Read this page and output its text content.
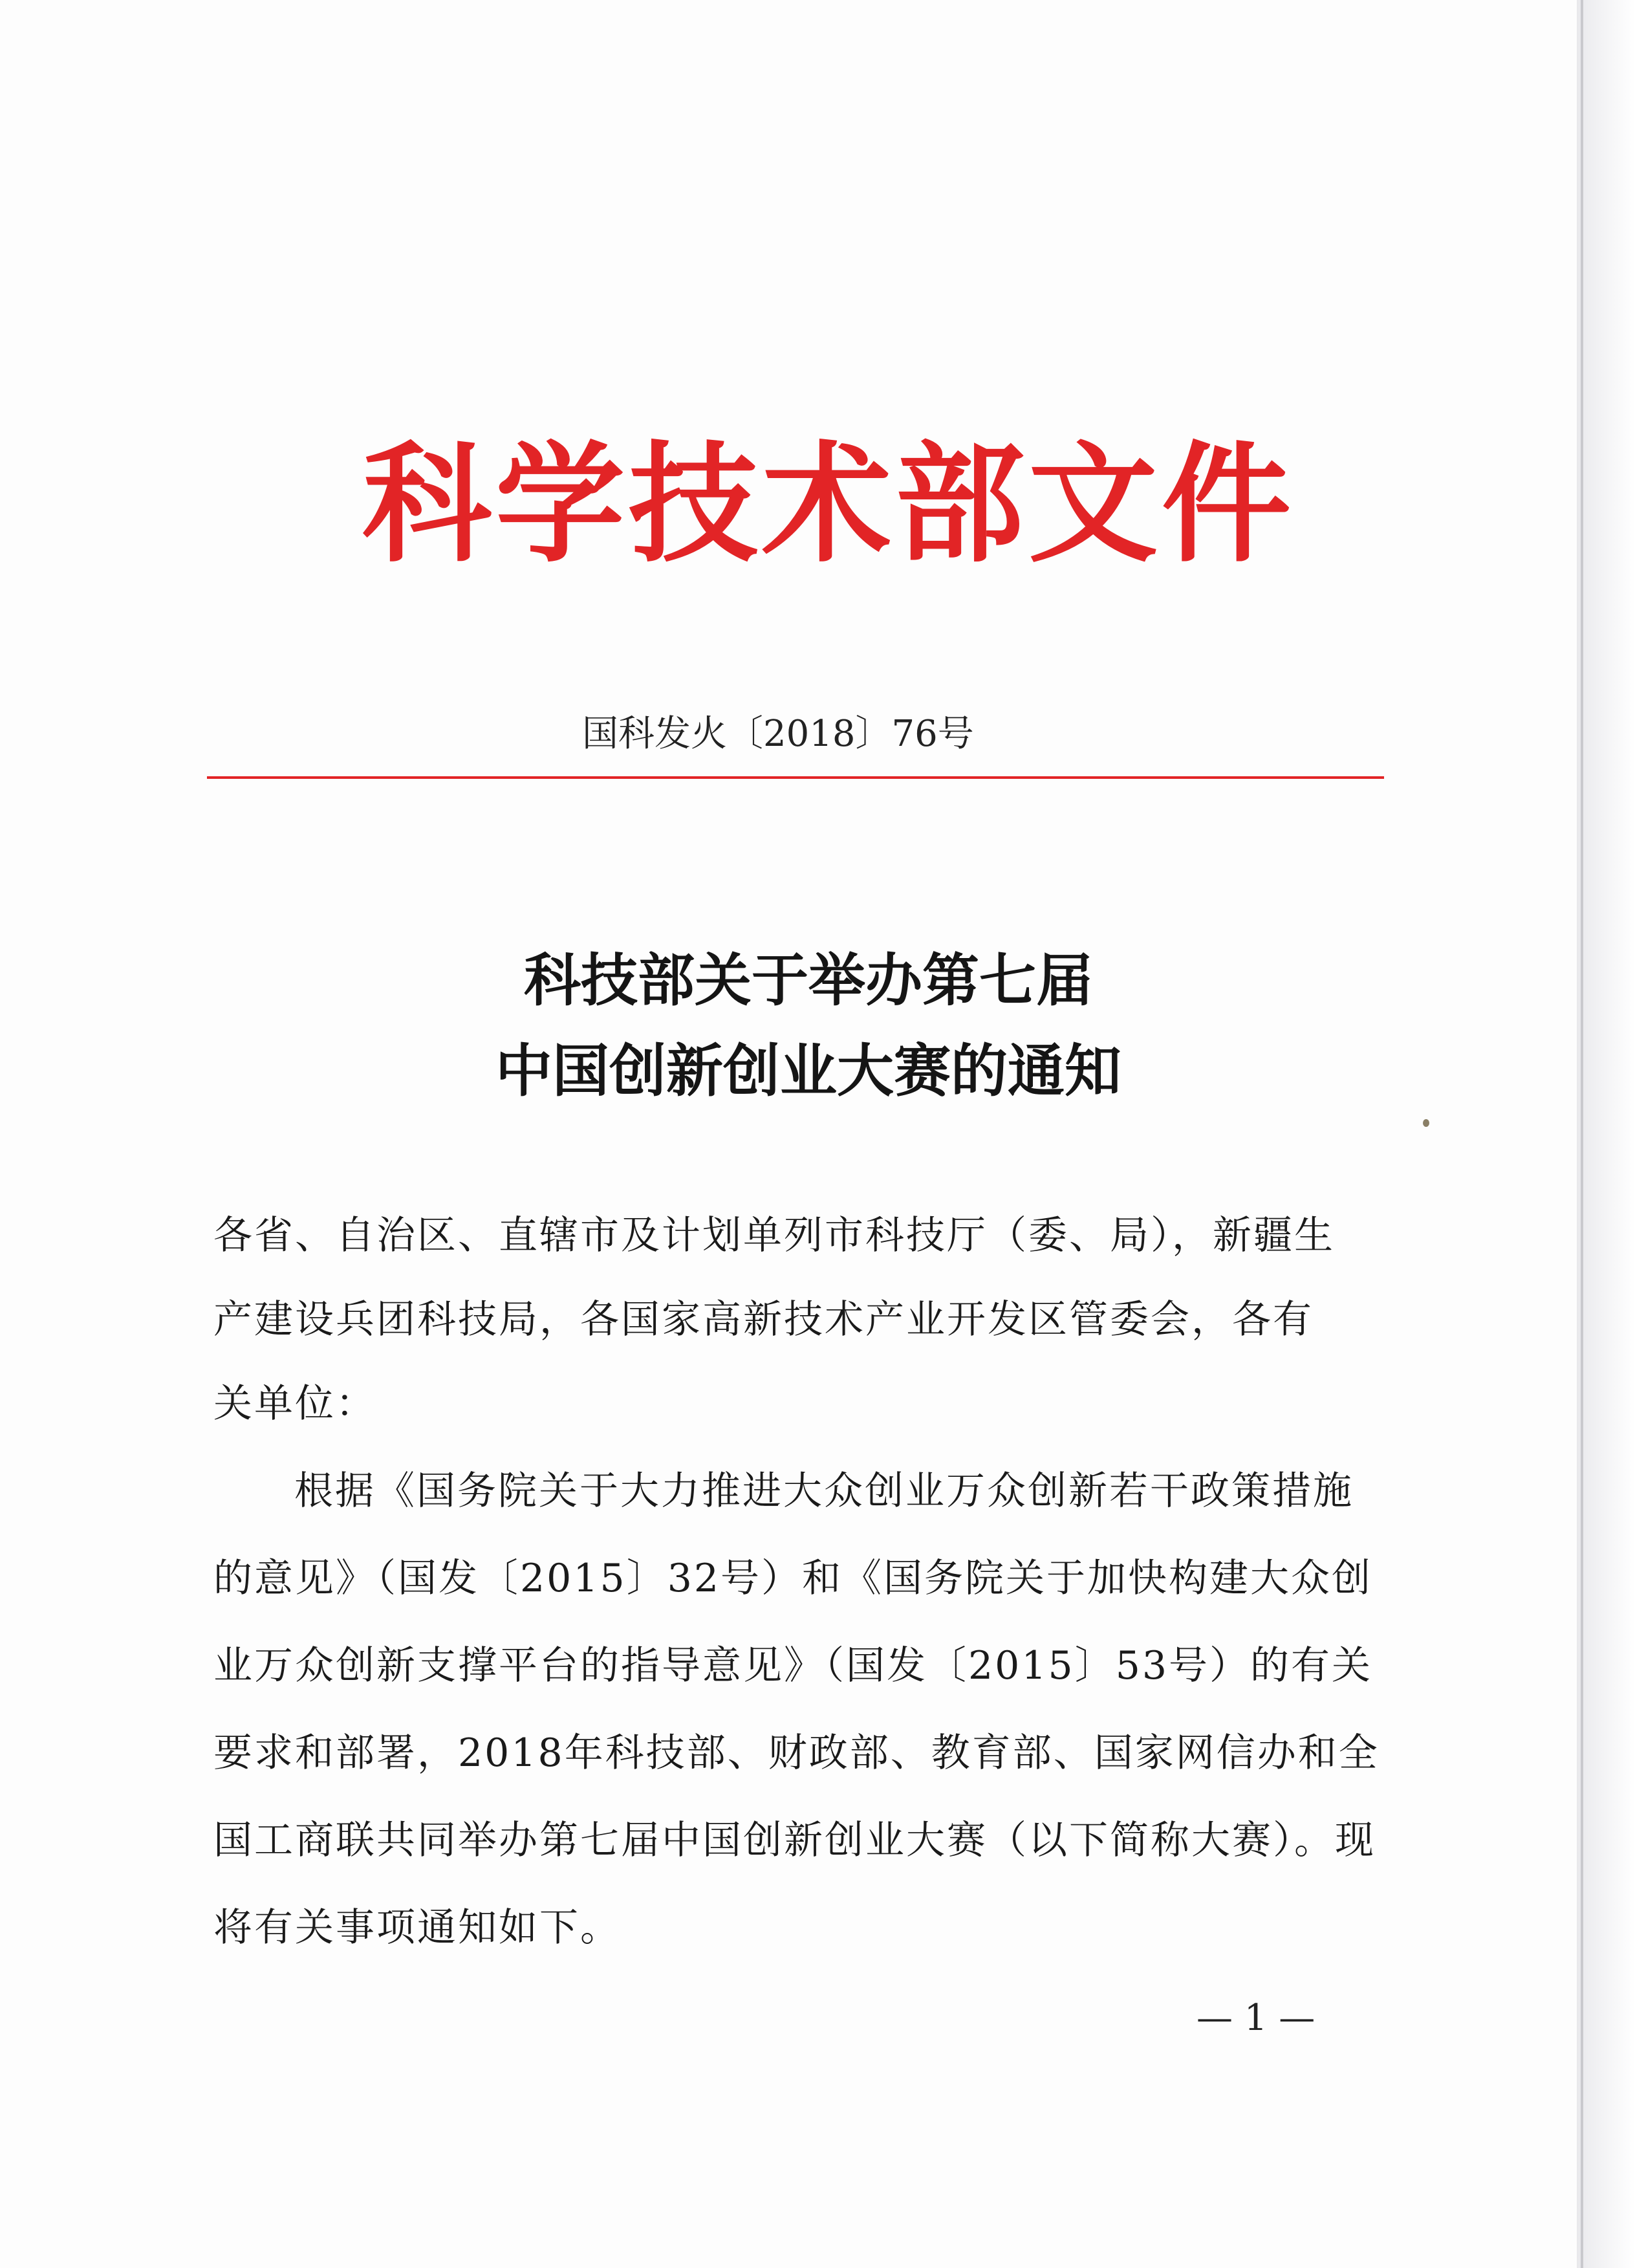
科学技术部文件
国科发火〔2018〕76号
科技部关于举办第七届
中国创新创业大赛的通知
各省、自治区、直辖市及计划单列市科技厅（委、局），新疆生
产建设兵团科技局，各国家高新技术产业开发区管委会，各有
关单位：
根据《国务院关于大力推进大众创业万众创新若干政策措施
的意见》（国发〔2015〕32号）和《国务院关于加快构建大众创
业万众创新支撑平台的指导意见》（国发〔2015〕53号）的有关
要求和部署，2018年科技部、财政部、教育部、国家网信办和全
国工商联共同举办第七届中国创新创业大赛（以下简称大赛）。现
将有关事项通知如下。
— 1 —
